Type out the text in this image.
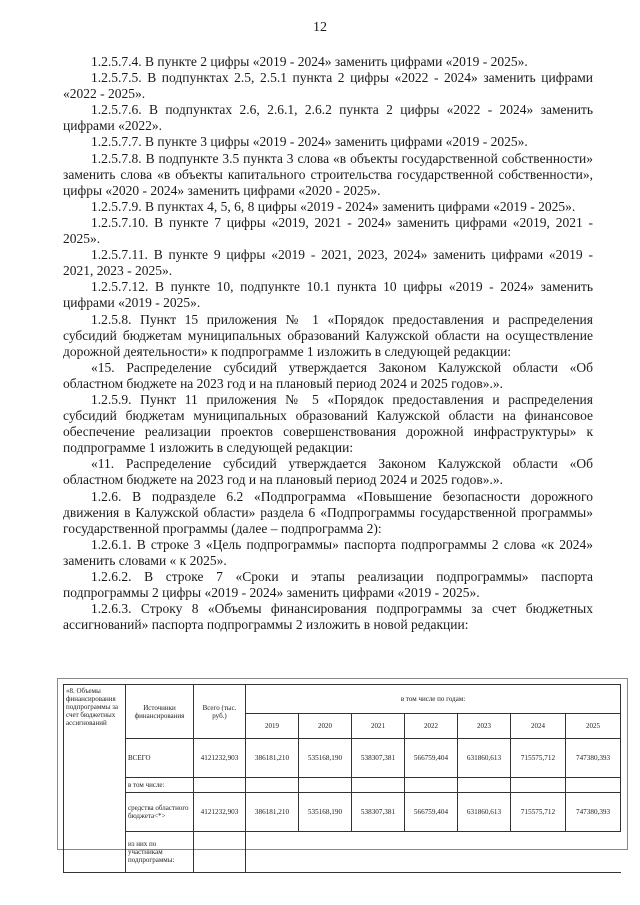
12

1.2.5.7.4. В пункте 2 цифры «2019 - 2024» заменить цифрами «2019 - 2025».

1.2.5.7.5. В подпунктах 2.5, 2.5.1 пункта 2 цифры «2022 - 2024» заменить цифрами «2022 - 2025».

1.2.5.7.6. В подпунктах 2.6, 2.6.1, 2.6.2 пункта 2 цифры «2022 - 2024» заменить цифрами «2022».

1.2.5.7.7. В пункте 3 цифры «2019 - 2024» заменить цифрами «2019 - 2025».

1.2.5.7.8. В подпункте 3.5 пункта 3 слова «в объекты государственной собственности» заменить слова «в объекты капитального строительства государственной собственности», цифры «2020 - 2024» заменить цифрами «2020 - 2025».

1.2.5.7.9. В пунктах 4, 5, 6, 8 цифры «2019 - 2024» заменить цифрами «2019 - 2025».

1.2.5.7.10. В пункте 7 цифры «2019, 2021 - 2024» заменить цифрами «2019, 2021 - 2025».

1.2.5.7.11. В пункте 9 цифры «2019 - 2021, 2023, 2024» заменить цифрами «2019 - 2021, 2023 - 2025».

1.2.5.7.12. В пункте 10, подпункте 10.1 пункта 10 цифры «2019 - 2024» заменить цифрами «2019 - 2025».

1.2.5.8. Пункт 15 приложения № 1 «Порядок предоставления и распределения субсидий бюджетам муниципальных образований Калужской области на осуществление дорожной деятельности» к подпрограмме 1 изложить в следующей редакции:

«15. Распределение субсидий утверждается Законом Калужской области «Об областном бюджете на 2023 год и на плановый период 2024 и 2025 годов».».

1.2.5.9. Пункт 11 приложения № 5 «Порядок предоставления и распределения субсидий бюджетам муниципальных образований Калужской области на финансовое обеспечение реализации проектов совершенствования дорожной инфраструктуры» к подпрограмме 1 изложить в следующей редакции:

«11. Распределение субсидий утверждается Законом Калужской области «Об областном бюджете на 2023 год и на плановый период 2024 и 2025 годов».».

1.2.6. В подразделе 6.2 «Подпрограмма «Повышение безопасности дорожного движения в Калужской области» раздела 6 «Подпрограммы государственной программы» государственной программы (далее – подпрограмма 2):

1.2.6.1. В строке 3 «Цель подпрограммы» паспорта подпрограммы 2 слова «к 2024» заменить словами « к 2025».

1.2.6.2. В строке 7 «Сроки и этапы реализации подпрограммы» паспорта подпрограммы 2 цифры «2019 - 2024» заменить цифрами «2019 - 2025».

1.2.6.3. Строку 8 «Объемы финансирования подпрограммы за счет бюджетных ассигнований» паспорта подпрограммы 2 изложить в новой редакции:

«8. Объемы финансирования подпрограммы за счет бюджетных ассигнований	Источники финансирования	Всего (тыс. руб.)	в том числе по годам:						
			2019	2020	2021	2022	2023	2024	2025
	ВСЕГО	4121232,903	386181,210	535168,190	538307,381	566759,404	631860,613	715575,712	747380,393
	в том числе:								
	средства областного бюджета<*>	4121232,903	386181,210	535168,190	538307,381	566759,404	631860,613	715575,712	747380,393
	из них по участникам подпрограммы:								
